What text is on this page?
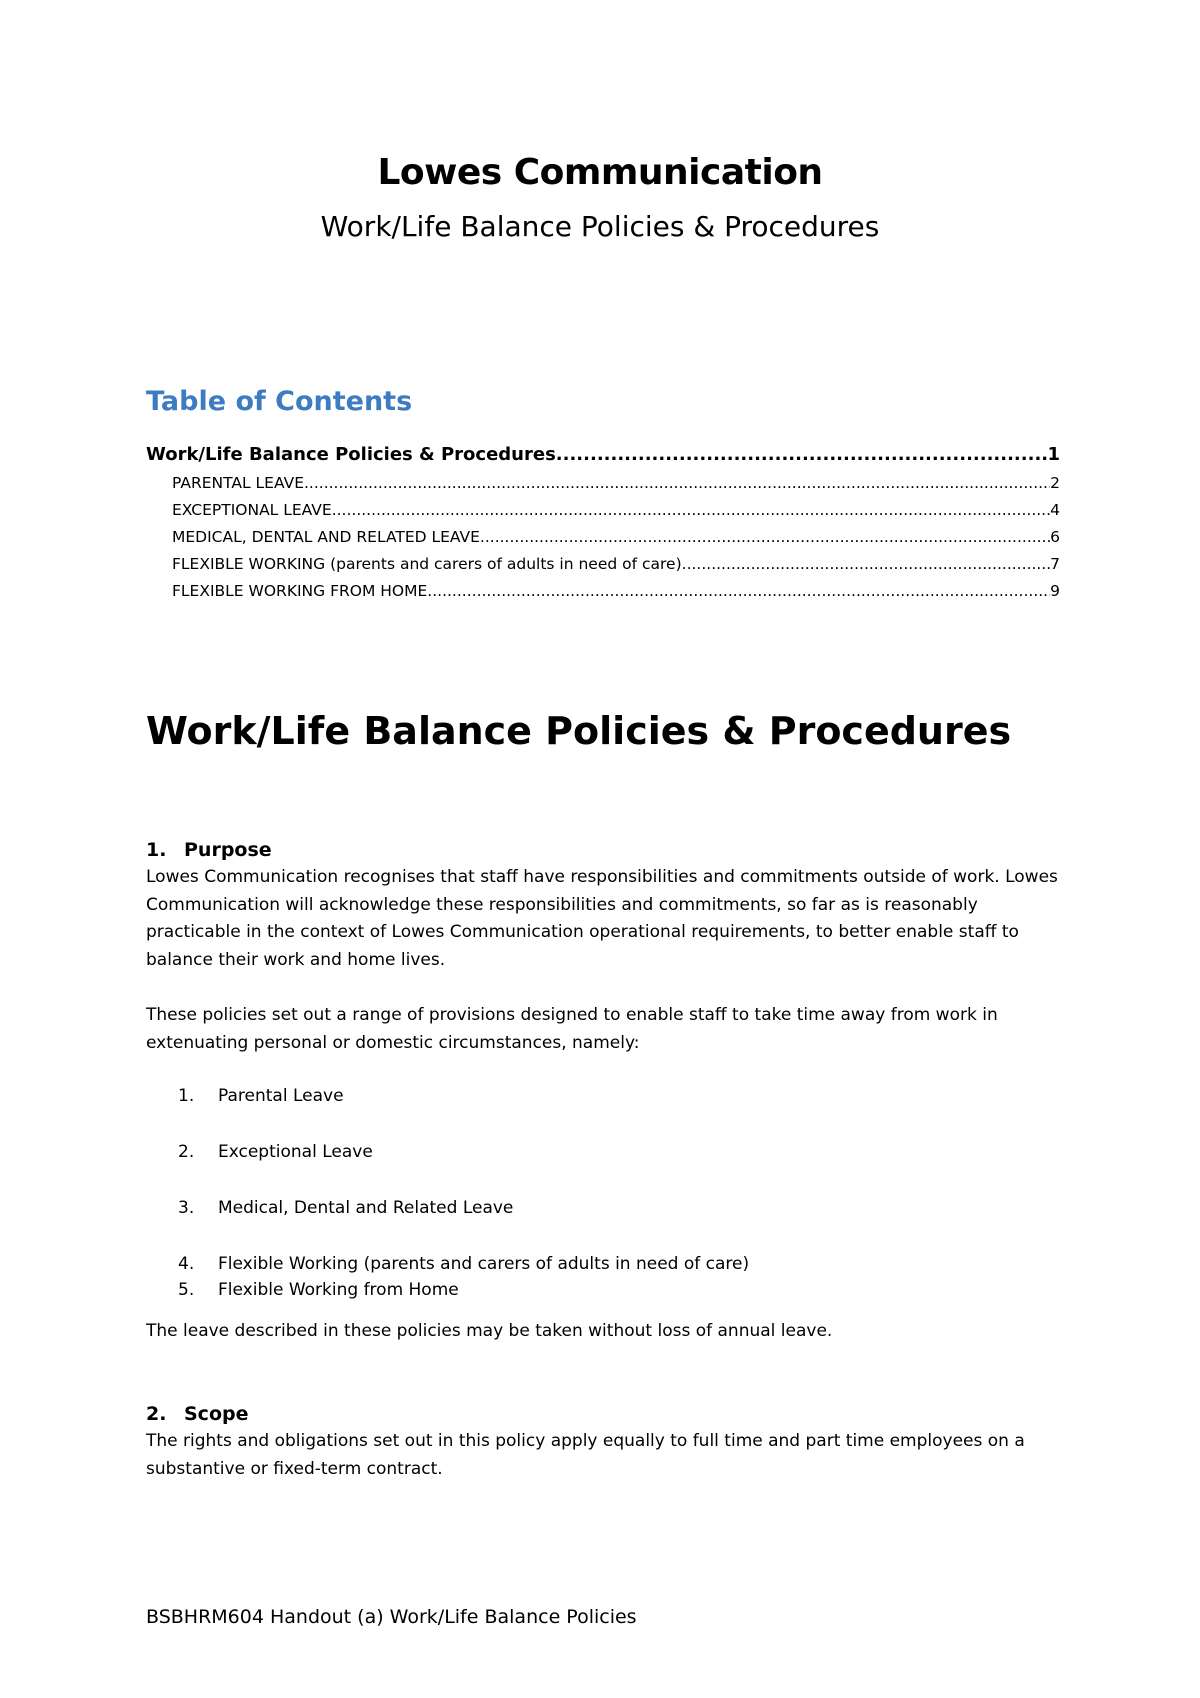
Lowes Communication
Work/Life Balance Policies & Procedures
Table of Contents
Work/Life Balance Policies & Procedures .....	1
PARENTAL LEAVE .....	2
EXCEPTIONAL LEAVE .....	4
MEDICAL, DENTAL AND RELATED LEAVE .....	6
FLEXIBLE WORKING (parents and carers of adults in need of care) .....	7
FLEXIBLE WORKING FROM HOME .....	9
Work/Life Balance Policies & Procedures
1. Purpose
Lowes Communication recognises that staff have responsibilities and commitments outside of work. Lowes Communication will acknowledge these responsibilities and commitments, so far as is reasonably practicable in the context of Lowes Communication operational requirements, to better enable staff to balance their work and home lives.
These policies set out a range of provisions designed to enable staff to take time away from work in extenuating personal or domestic circumstances, namely:
1. Parental Leave
2. Exceptional Leave
3. Medical, Dental and Related Leave
4. Flexible Working (parents and carers of adults in need of care)
5. Flexible Working from Home
The leave described in these policies may be taken without loss of annual leave.
2. Scope
The rights and obligations set out in this policy apply equally to full time and part time employees on a substantive or fixed-term contract.
BSBHRM604 Handout (a) Work/Life Balance Policies
